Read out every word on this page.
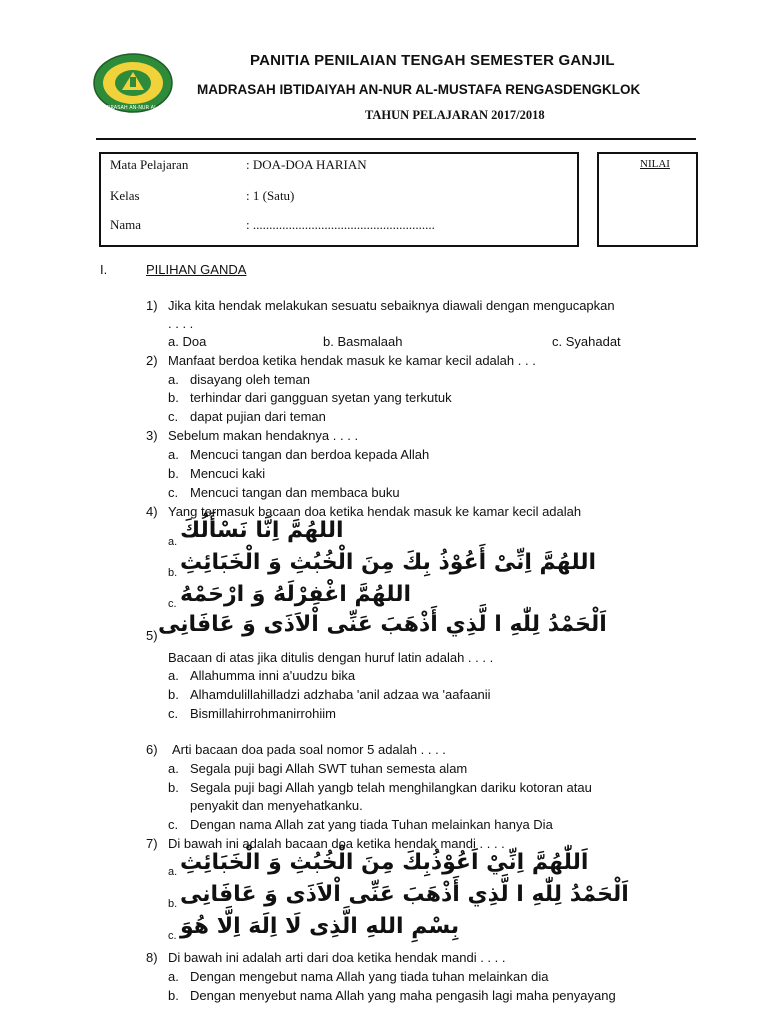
KPUP MADRASAH AN-NUR AL-MUSTAFA
PANITIA PENILAIAN TENGAH SEMESTER GANJIL
MADRASAH IBTIDAIYAH AN-NUR AL-MUSTAFA RENGASDENGKLOK
TAHUN PELAJARAN 2017/2018
Mata Pelajaran	: DOA-DOA HARIAN
Kelas	: 1 (Satu)
Nama	: ........................................................
NILAI
I.	PILIHAN GANDA
1) Jika kita hendak melakukan sesuatu sebaiknya diawali dengan mengucapkan
. . . .
a. Doa	b. Basmalaah	c. Syahadat
2) Manfaat berdoa ketika hendak masuk ke kamar kecil adalah . . .
a. disayang oleh teman
b. terhindar dari gangguan syetan yang terkutuk
c. dapat pujian dari teman
3) Sebelum makan hendaknya . . . .
a. Mencuci tangan dan berdoa kepada Allah
b. Mencuci kaki
c. Mencuci tangan dan membaca buku
4) Yang termasuk bacaan doa ketika hendak masuk ke kamar kecil adalah
a. اللهُمَّ اِنَّا نَسْأَلُكَ
b. اللهُمَّ اِنِّىْ أَعُوْذُ بِكَ مِنَ الْخُبُثِ وَ الْخَبَائِثِ
c. اللهُمَّ اغْفِرْلَهُ وَ ارْحَمْهُ
5) اَلْحَمْدُ لِلّٰهِ ا لَّذِي أَذْهَبَ عَنِّى اْلاَذَى وَ عَافَانِى
Bacaan di atas jika ditulis dengan huruf latin adalah . . . .
a. Allahumma inni a'uudzu bika
b. Alhamdulillahilladzi adzhaba 'anil adzaa wa 'aafaanii
c. Bismillahirrohmanirrohiim
6) Arti bacaan doa pada soal nomor 5 adalah . . . .
a. Segala puji bagi Allah SWT tuhan semesta alam
b. Segala puji bagi Allah yangb telah menghilangkan dariku kotoran atau
penyakit dan menyehatkanku.
c. Dengan nama Allah zat yang tiada Tuhan melainkan hanya Dia
7) Di bawah ini adalah bacaan doa ketika hendak mandi . . . .
a. اَللّٰهُمَّ اِنِّيْ اَعُوْذُبِكَ مِنَ الْخُبُثِ وَ الْخَبَائِثِ
b. اَلْحَمْدُ لِلّٰهِ ا لَّذِي أَذْهَبَ عَنِّى اْلاَذَى وَ عَافَانِى
c. بِسْمِ اللهِ الَّذِى لَا اِلَهَ اِلَّا هُوَ
8) Di bawah ini adalah arti dari doa ketika hendak mandi . . . .
a. Dengan mengebut nama Allah yang tiada tuhan melainkan dia
b. Dengan menyebut nama Allah yang maha pengasih lagi maha penyayang
